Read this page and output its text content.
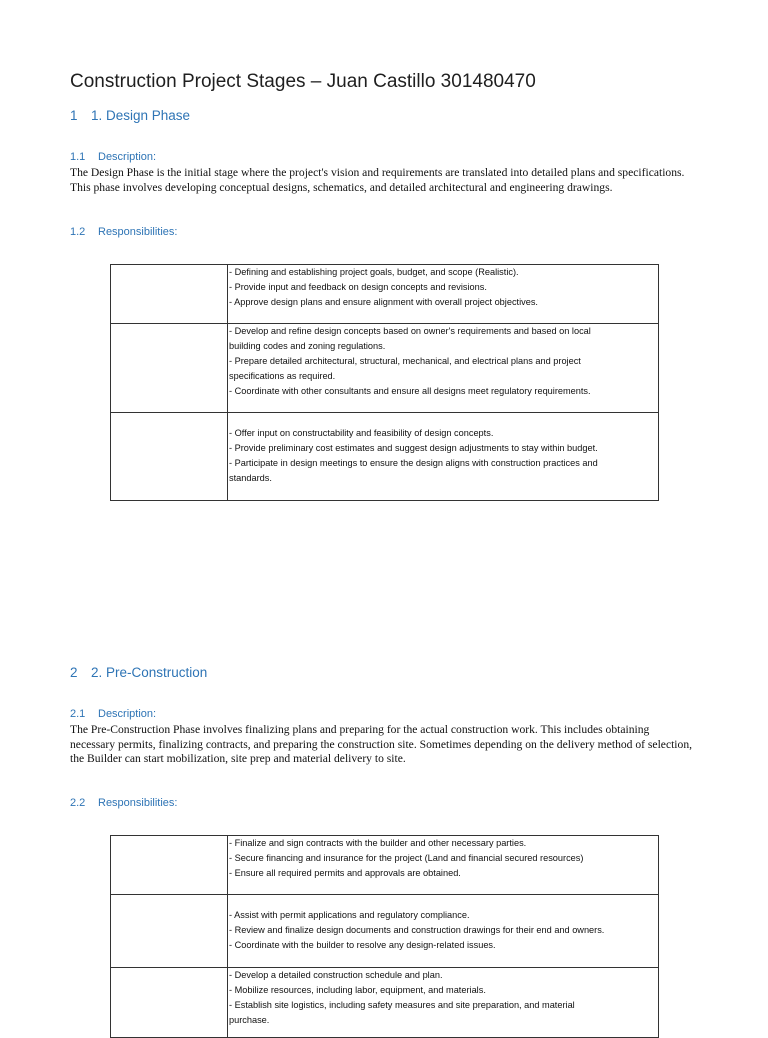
Construction Project Stages – Juan Castillo 301480470
1 1. Design Phase
1.1 Description:
The Design Phase is the initial stage where the project's vision and requirements are translated into detailed plans and specifications.
This phase involves developing conceptual designs, schematics, and detailed architectural and engineering drawings.
1.2 Responsibilities:

	- Defining and establishing project goals, budget, and scope (Realistic).
- Provide input and feedback on design concepts and revisions.
- Approve design plans and ensure alignment with overall project objectives.

	- Develop and refine design concepts based on owner's requirements and based on local
building codes and zoning regulations.
- Prepare detailed architectural, structural, mechanical, and electrical plans and project
specifications as required.
- Coordinate with other consultants and ensure all designs meet regulatory requirements.

	- Offer input on constructability and feasibility of design concepts.
- Provide preliminary cost estimates and suggest design adjustments to stay within budget.
- Participate in design meetings to ensure the design aligns with construction practices and
standards.
2 2. Pre-Construction
2.1 Description:
The Pre-Construction Phase involves finalizing plans and preparing for the actual construction work. This includes obtaining
necessary permits, finalizing contracts, and preparing the construction site. Sometimes depending on the delivery method of selection,
the Builder can start mobilization, site prep and material delivery to site.
2.2 Responsibilities:

	- Finalize and sign contracts with the builder and other necessary parties.
- Secure financing and insurance for the project (Land and financial secured resources)
- Ensure all required permits and approvals are obtained.

	- Assist with permit applications and regulatory compliance.
- Review and finalize design documents and construction drawings for their end and owners.
- Coordinate with the builder to resolve any design-related issues.

	- Develop a detailed construction schedule and plan.
- Mobilize resources, including labor, equipment, and materials.
- Establish site logistics, including safety measures and site preparation, and material
purchase.
